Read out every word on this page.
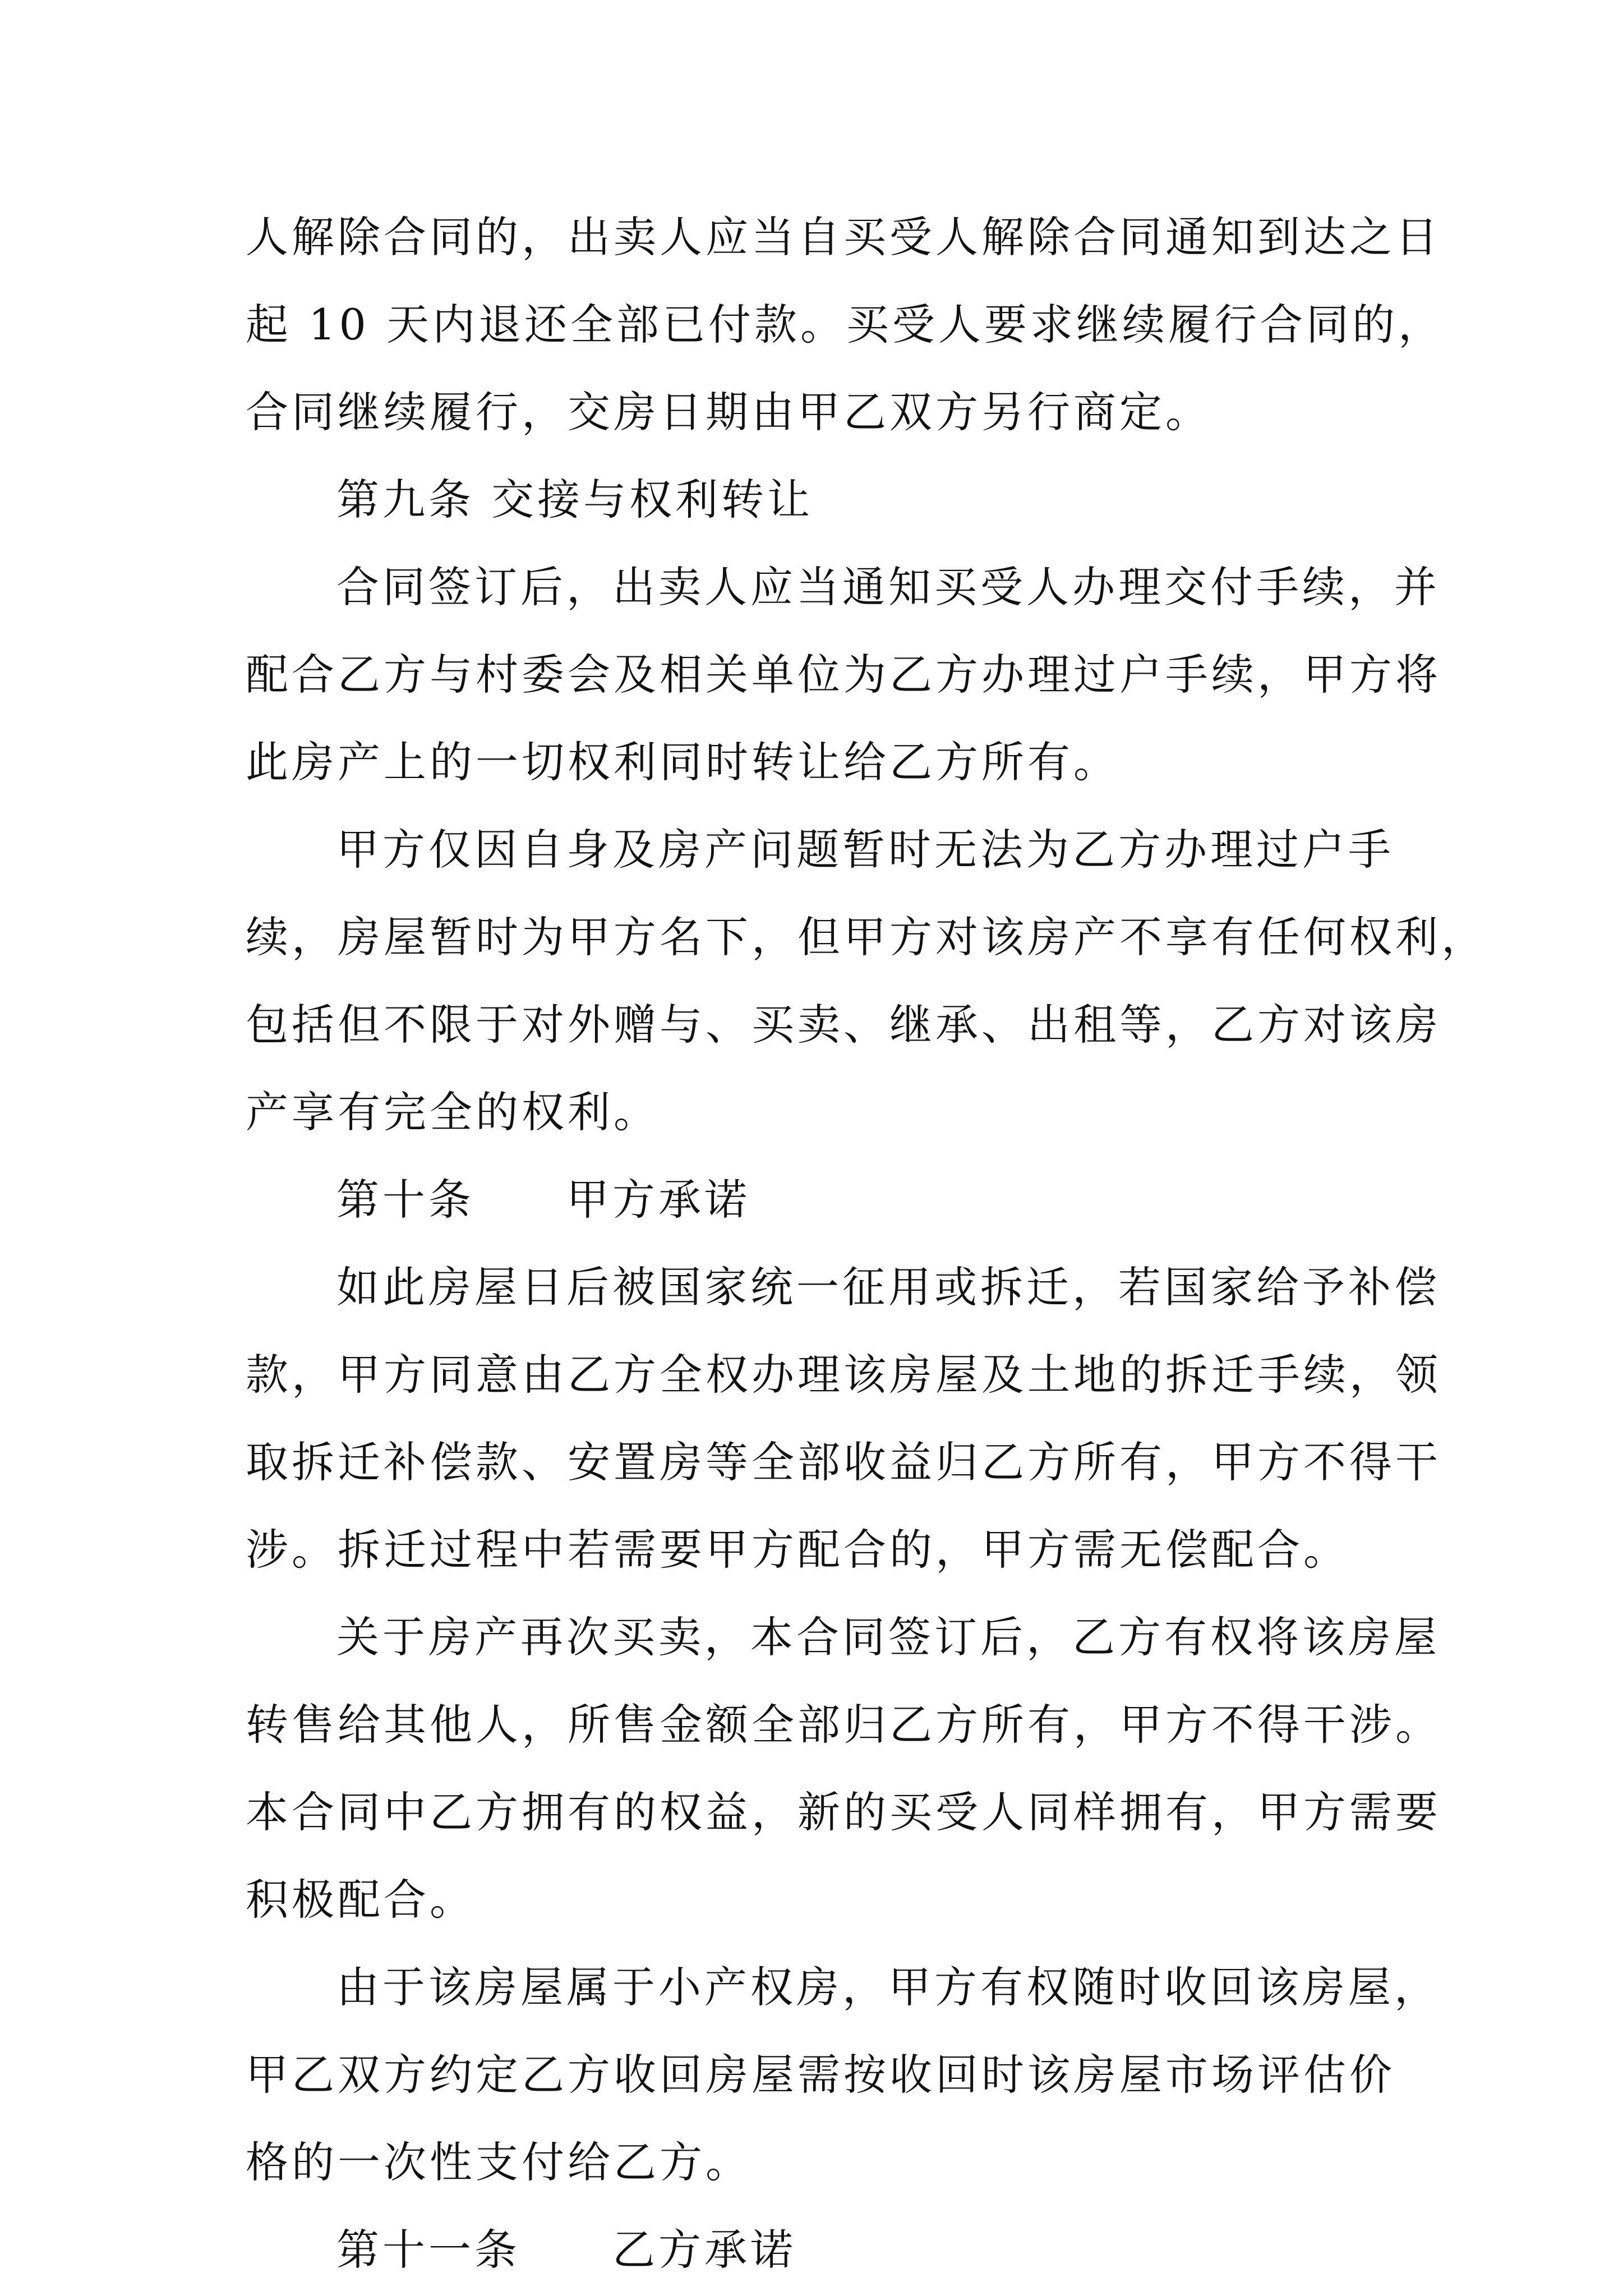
人解除合同的，出卖人应当自买受人解除合同通知到达之日
起 10 天内退还全部已付款。买受人要求继续履行合同的，
合同继续履行，交房日期由甲乙双方另行商定。
第九条 交接与权利转让
合同签订后，出卖人应当通知买受人办理交付手续，并
配合乙方与村委会及相关单位为乙方办理过户手续，甲方将
此房产上的一切权利同时转让给乙方所有。
甲方仅因自身及房产问题暂时无法为乙方办理过户手
续，房屋暂时为甲方名下，但甲方对该房产不享有任何权利，
包括但不限于对外赠与、买卖、继承、出租等，乙方对该房
产享有完全的权利。
第十条　　甲方承诺
如此房屋日后被国家统一征用或拆迁，若国家给予补偿
款，甲方同意由乙方全权办理该房屋及土地的拆迁手续，领
取拆迁补偿款、安置房等全部收益归乙方所有，甲方不得干
涉。拆迁过程中若需要甲方配合的，甲方需无偿配合。
关于房产再次买卖，本合同签订后，乙方有权将该房屋
转售给其他人，所售金额全部归乙方所有，甲方不得干涉。
本合同中乙方拥有的权益，新的买受人同样拥有，甲方需要
积极配合。
由于该房屋属于小产权房，甲方有权随时收回该房屋，
甲乙双方约定乙方收回房屋需按收回时该房屋市场评估价
格的一次性支付给乙方。
第十一条　　乙方承诺
